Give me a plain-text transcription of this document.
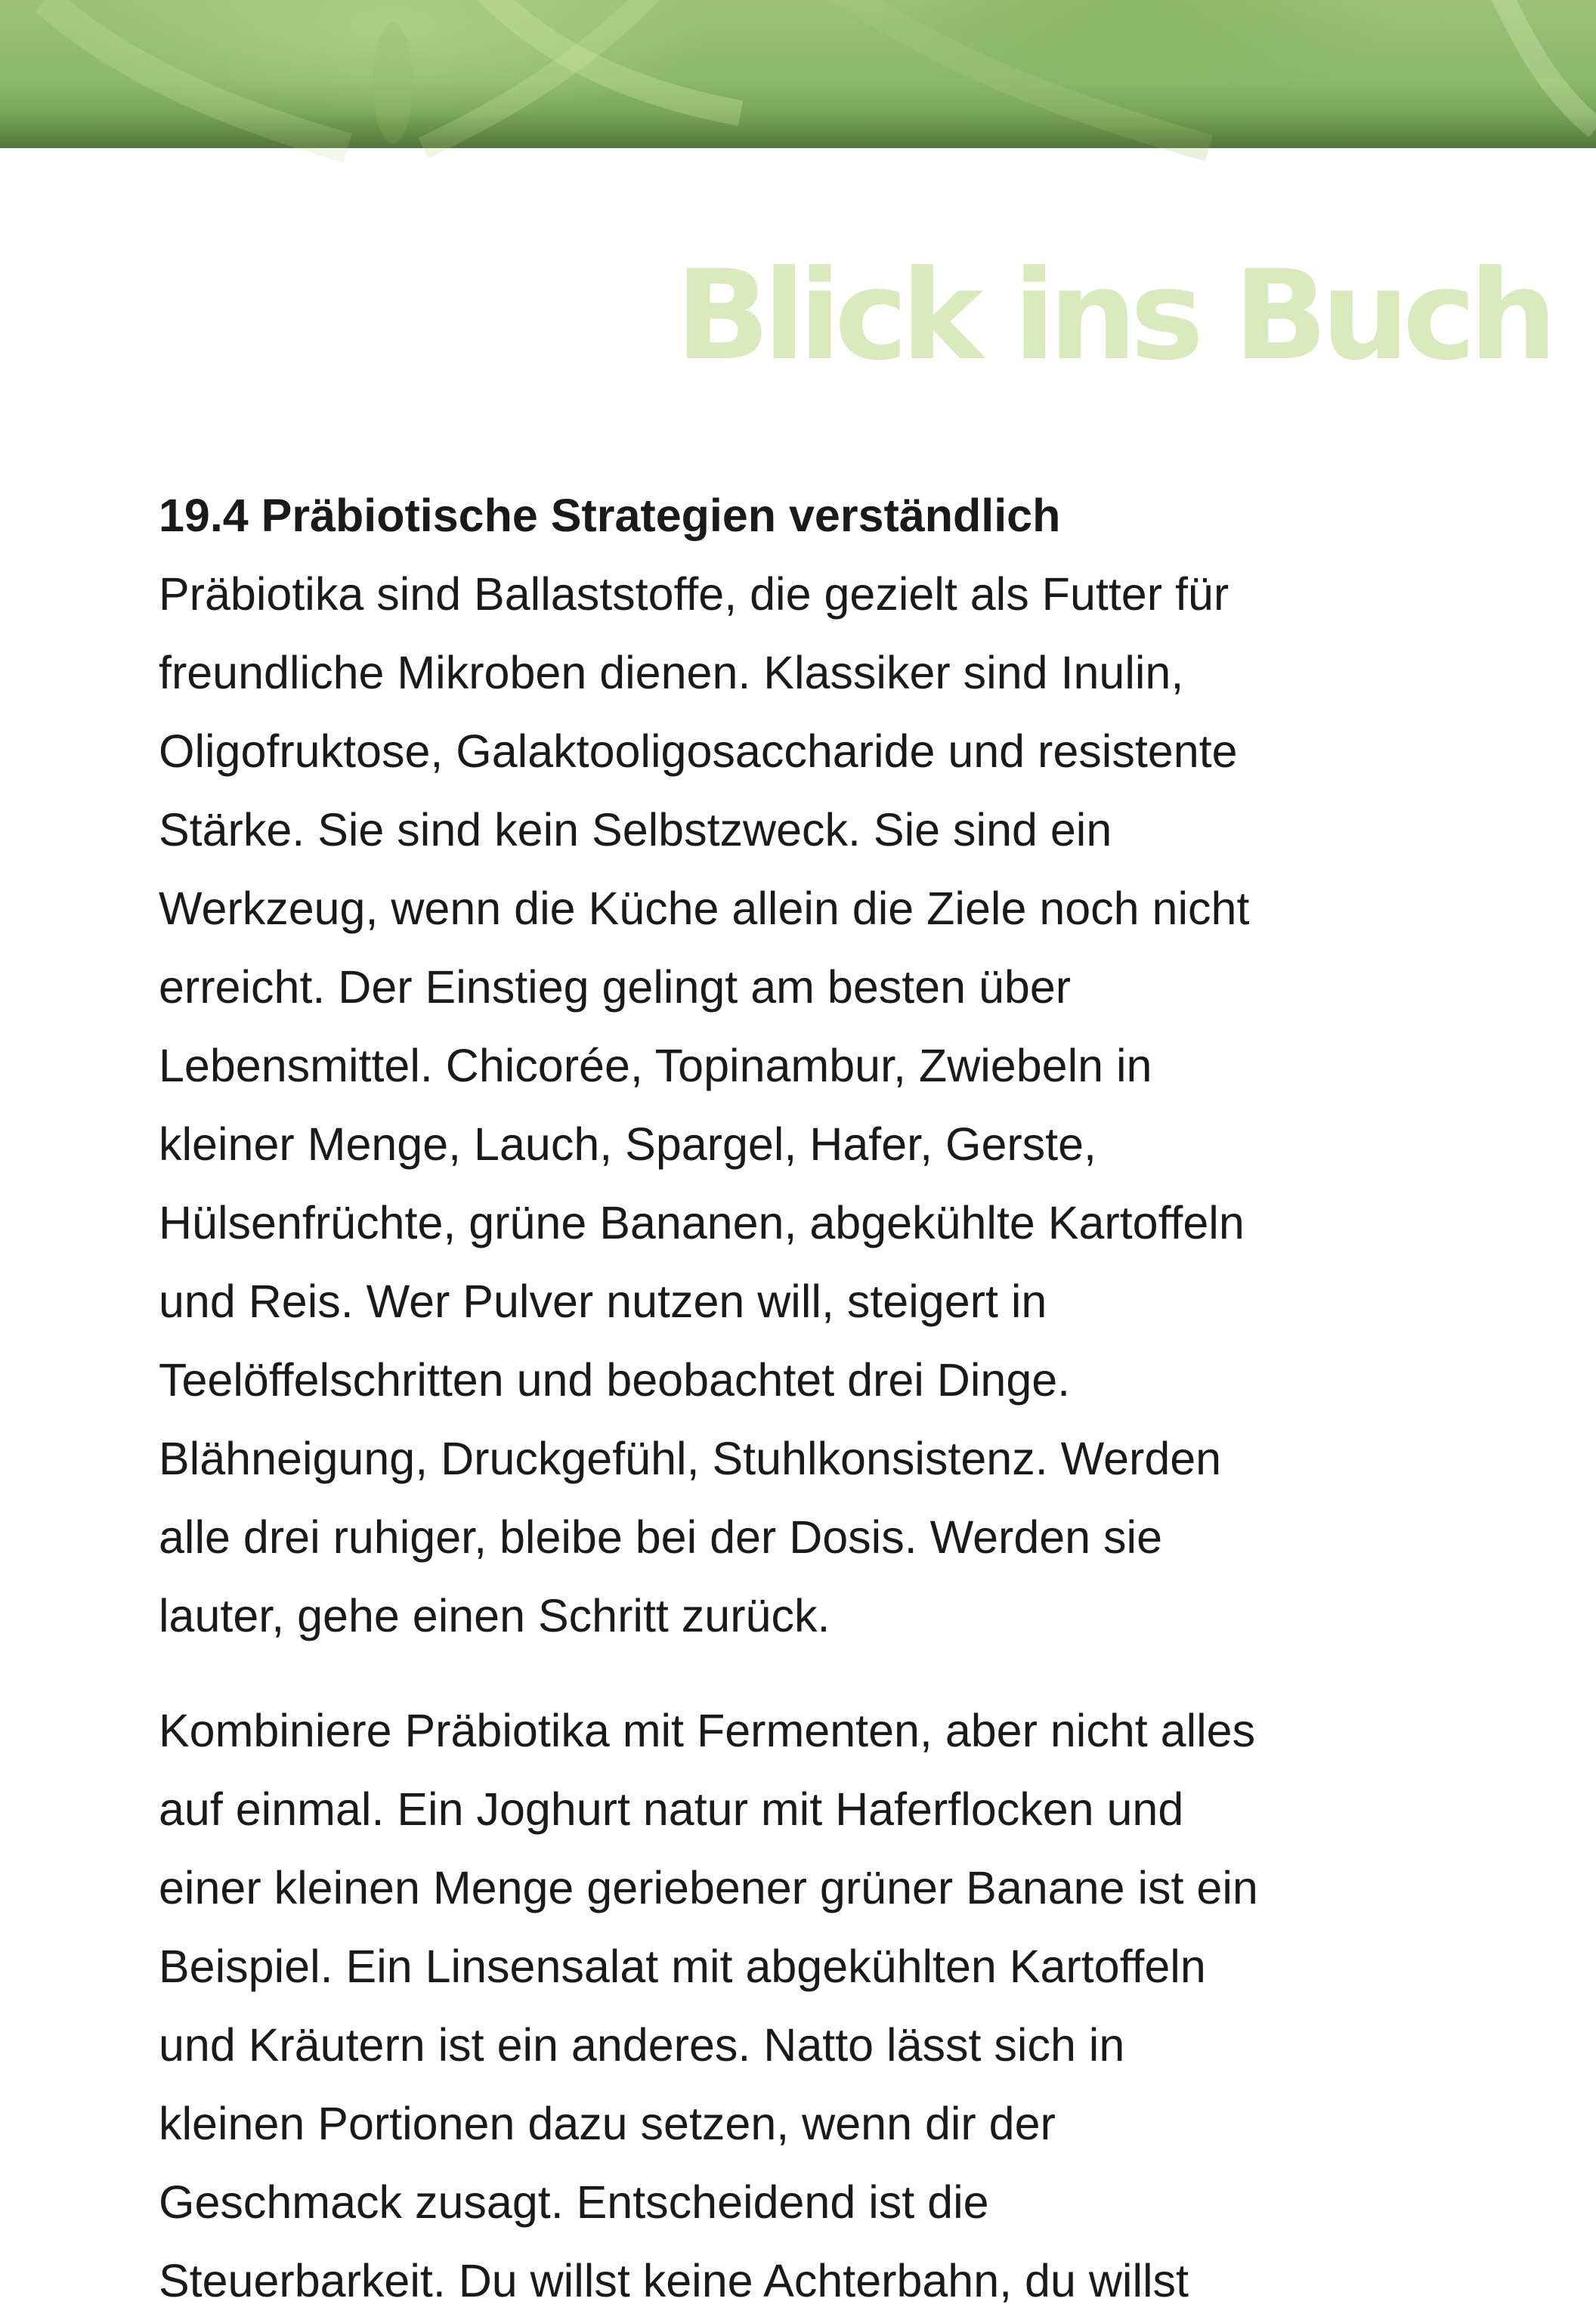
Blick ins Buch
19.4 Präbiotische Strategien verständlich

Präbiotika sind Ballaststoffe, die gezielt als Futter für
freundliche Mikroben dienen. Klassiker sind Inulin,
Oligofruktose, Galaktooligosaccharide und resistente
Stärke. Sie sind kein Selbstzweck. Sie sind ein
Werkzeug, wenn die Küche allein die Ziele noch nicht
erreicht. Der Einstieg gelingt am besten über
Lebensmittel. Chicorée, Topinambur, Zwiebeln in
kleiner Menge, Lauch, Spargel, Hafer, Gerste,
Hülsenfrüchte, grüne Bananen, abgekühlte Kartoffeln
und Reis. Wer Pulver nutzen will, steigert in
Teelöffelschritten und beobachtet drei Dinge.
Blähneigung, Druckgefühl, Stuhlkonsistenz. Werden
alle drei ruhiger, bleibe bei der Dosis. Werden sie
lauter, gehe einen Schritt zurück.

Kombiniere Präbiotika mit Fermenten, aber nicht alles
auf einmal. Ein Joghurt natur mit Haferflocken und
einer kleinen Menge geriebener grüner Banane ist ein
Beispiel. Ein Linsensalat mit abgekühlten Kartoffeln
und Kräutern ist ein anderes. Natto lässt sich in
kleinen Portionen dazu setzen, wenn dir der
Geschmack zusagt. Entscheidend ist die
Steuerbarkeit. Du willst keine Achterbahn, du willst
